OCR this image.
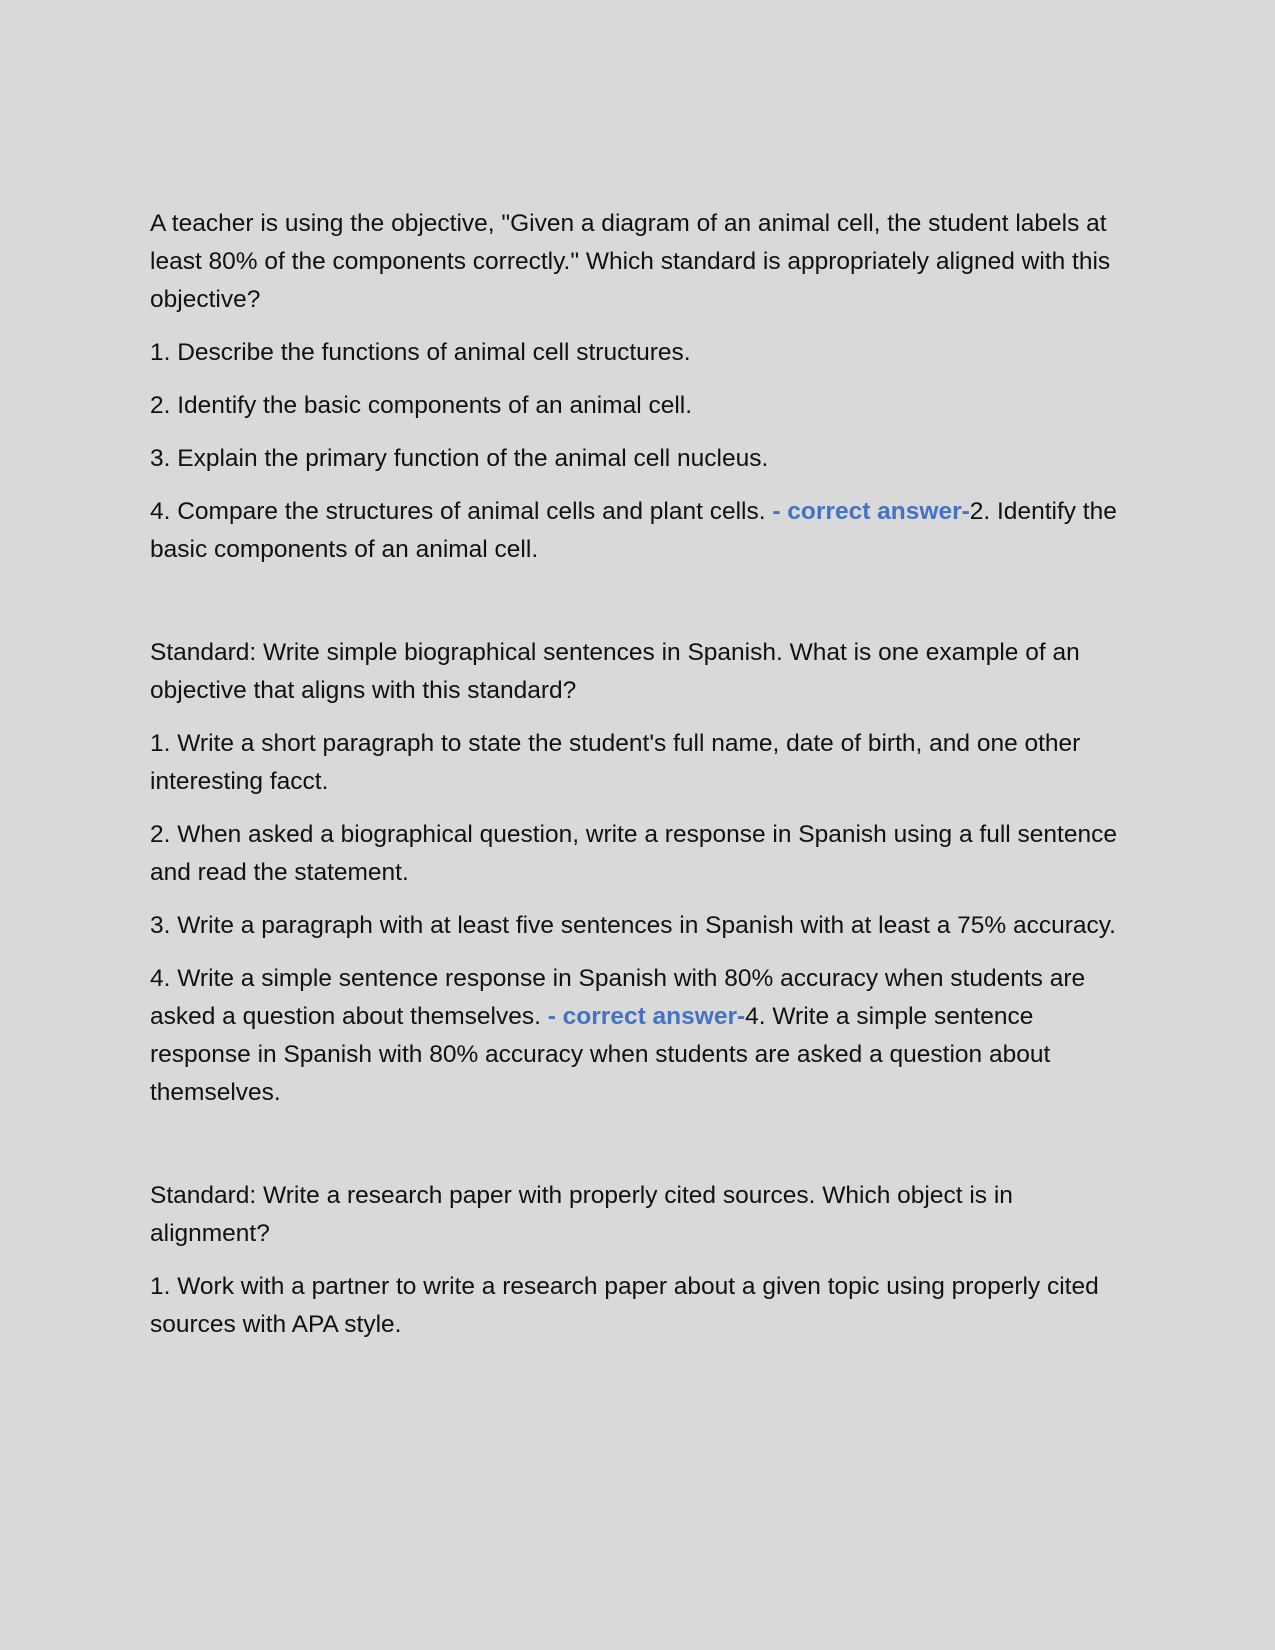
A teacher is using the objective, "Given a diagram of an animal cell, the student labels at least 80% of the components correctly." Which standard is appropriately aligned with this objective?

1. Describe the functions of animal cell structures.

2. Identify the basic components of an animal cell.

3. Explain the primary function of the animal cell nucleus.

4. Compare the structures of animal cells and plant cells. - correct answer-2. Identify the basic components of an animal cell.

Standard: Write simple biographical sentences in Spanish. What is one example of an objective that aligns with this standard?

1. Write a short paragraph to state the student's full name, date of birth, and one other interesting facct.

2. When asked a biographical question, write a response in Spanish using a full sentence and read the statement.

3. Write a paragraph with at least five sentences in Spanish with at least a 75% accuracy.

4. Write a simple sentence response in Spanish with 80% accuracy when students are asked a question about themselves. - correct answer-4. Write a simple sentence response in Spanish with 80% accuracy when students are asked a question about themselves.

Standard: Write a research paper with properly cited sources. Which object is in alignment?

1. Work with a partner to write a research paper about a given topic using properly cited sources with APA style.
